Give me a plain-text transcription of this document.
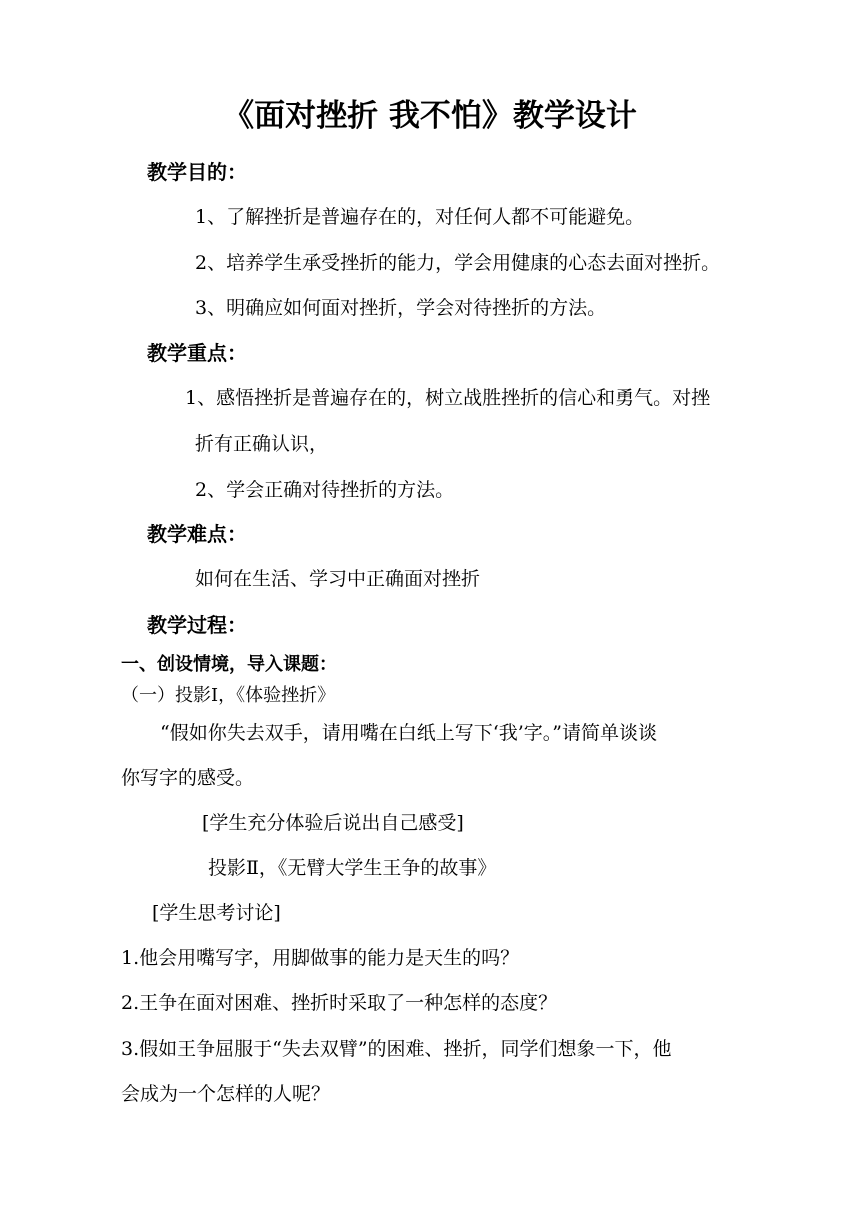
《面对挫折 我不怕》教学设计
教学目的：
1、了解挫折是普遍存在的，对任何人都不可能避免。
2、培养学生承受挫折的能力，学会用健康的心态去面对挫折。
3、明确应如何面对挫折，学会对待挫折的方法。
教学重点：
1、感悟挫折是普遍存在的，树立战胜挫折的信心和勇气。对挫
折有正确认识，
2、学会正确对待挫折的方法。
教学难点：
如何在生活、学习中正确面对挫折
教学过程：
一、创设情境，导入课题：
（一）投影Ⅰ，《体验挫折》
“假如你失去双手，请用嘴在白纸上写下‘我’字。”请简单谈谈
你写字的感受。
[学生充分体验后说出自己感受]
投影Ⅱ，《无臂大学生王争的故事》
[学生思考讨论]
1.他会用嘴写字，用脚做事的能力是天生的吗？
2.王争在面对困难、挫折时采取了一种怎样的态度？
3.假如王争屈服于“失去双臂”的困难、挫折，同学们想象一下，他
会成为一个怎样的人呢？
